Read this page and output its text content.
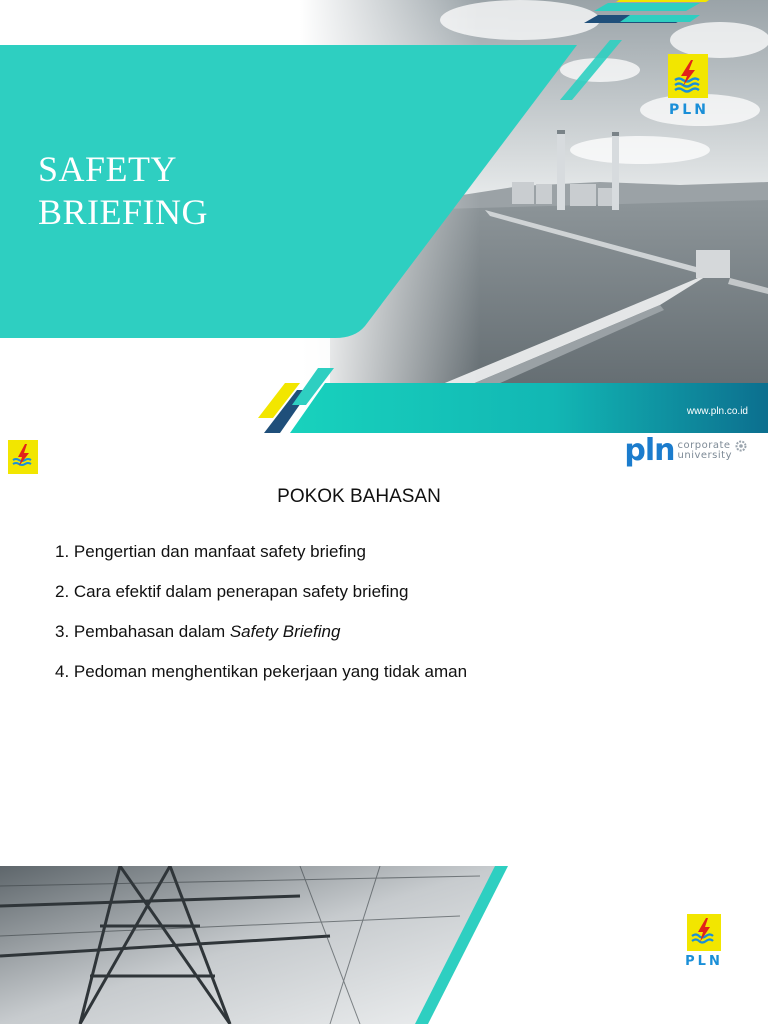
SAFETY
BRIEFING
PLN
www.pln.co.id
pln corporate
university
POKOK BAHASAN
1. Pengertian dan manfaat safety briefing
2. Cara efektif dalam penerapan safety briefing
3. Pembahasan dalam Safety Briefing
4. Pedoman menghentikan pekerjaan yang tidak aman
PLN
